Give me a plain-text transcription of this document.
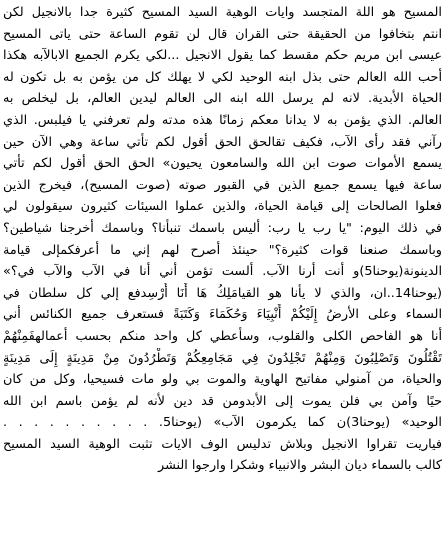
المسيح هو اللة المتجسد وايات الوهية السيد المسيح كثيرة جدا بالانجيل لكن
انتم بتخافوا من الحقيقة حتى القران قال لن تقوم الساعة حتى ياتى المسيح
عيسى ابن مريم حكم مقسط كما يقول الانجيل ...لكي يكرم الجميع الابالآبه هكذا
أحب الله العالم حتى بذل ابنه الوحيد لكي لا يهلك كل من يؤمن به بل تكون له
الحياة الأبدية. لانه لم يرسل الله ابنه الى العالم ليدين العالم، بل ليخلص به
العالم. الذي يؤمن به لا يدانا معكم زمانًا هذه مدته ولم تعرفني يا فيلبس. الذي
رآني فقد رأى الآب، فكيف تقالحق الحق أقول لكم تأتي ساعة وهي الآن حين
يسمع الأموات صوت ابن الله والسامعون يحيون» الحق الحق أقول لكم تأتي
ساعة فيها يسمع جميع الذين في القبور صوته (صوت المسيح)، فيخرج الذين
فعلوا الصالحات إلى قيامة الحياة، والذين عملوا السيئات كثيرون سيقولون لي
في ذلك اليوم: "يا رب يا رب: أليس باسمك تنبأنا؟ وباسمك أخرجنا شياطين؟
وباسمك صنعنا قوات كثيرة؟" حينئذ أصرح لهم إني ما أعرفكمإلى قيامة
الدينونة(يوحنا5)و أنت أرنا الآب. ألست تؤمن أني أنا في الآب والآب في؟»
(يوحنا14..ان، والذي لا يأنا هو القيامَلِكُ هَا أَنَا أُرْسِدفع إلي كل سلطان في
السماء وعلى الأرضُ إِلَيْكُمْ أَنْبِيَاءَ وَحُكَمَاءَ وَكَتَبَةً فستعرف جميع الكنائس أني
أنا هو الفاحص الكلى والقلوب، وسأعطي كل واحد منكم بحسب أعمالهفَمِنْهُمْ
تَقْتُلُونَ وَتَصْلِبُونَ وَمِنْهُمْ تَجْلِدُونَ فِي مَجَامِعِكُمْ وَتَطْرُدُونَ مِنْ مَدِينَةٍ إِلَى مَدِينَةٍ
والحياة، من آمنولي مفاتيح الهاوية والموت بي ولو مات فسيحيا، وكل من كان
حيًا وآمن بي فلن يموت إلى الأبدومن قد دين لأنه لم يؤمن باسم ابن الله
الوحيد» (يوحنا3)ن كما يكرمون الآب» (يوحنا5. . . . . . . . . . .
فياريت تقراوا الانجيل وبلاش تدليس الوف الايات تثبت الوهية السيد المسيح
كالب بالسماء ديان البشر والانبياء وشكرا وارجوا النشر
